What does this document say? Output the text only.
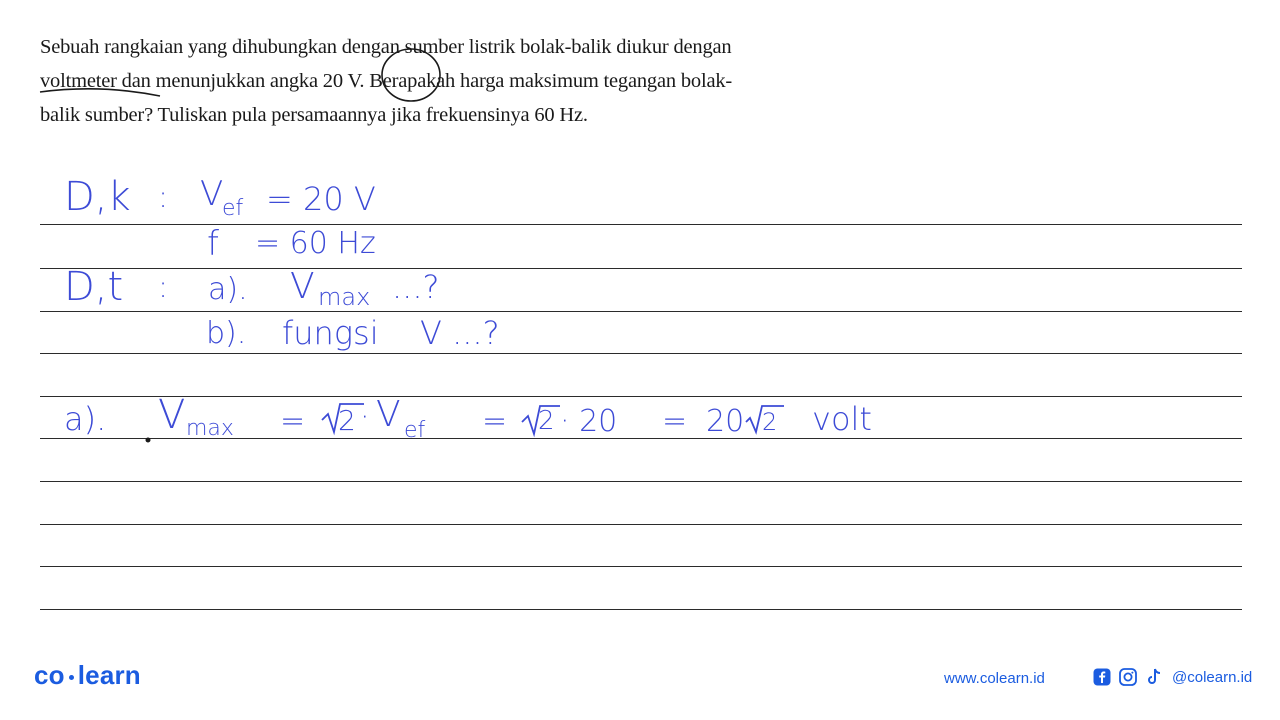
Sebuah rangkaian yang dihubungkan dengan sumber listrik bolak-balik diukur dengan
voltmeter dan menunjukkan angka 20 V. Berapakah harga maksimum tegangan bolak-
balik sumber? Tuliskan pula persamaannya jika frekuensinya 60 Hz.
D,k : V
ef = 20 V
f = 60 Hz
D,t : a). V max ...?
b). fungsi V ...?
a). V max = 2 · V ef = 2 · 20 = 20 2 volt
co learn	www.colearn.id	@colearn.id
